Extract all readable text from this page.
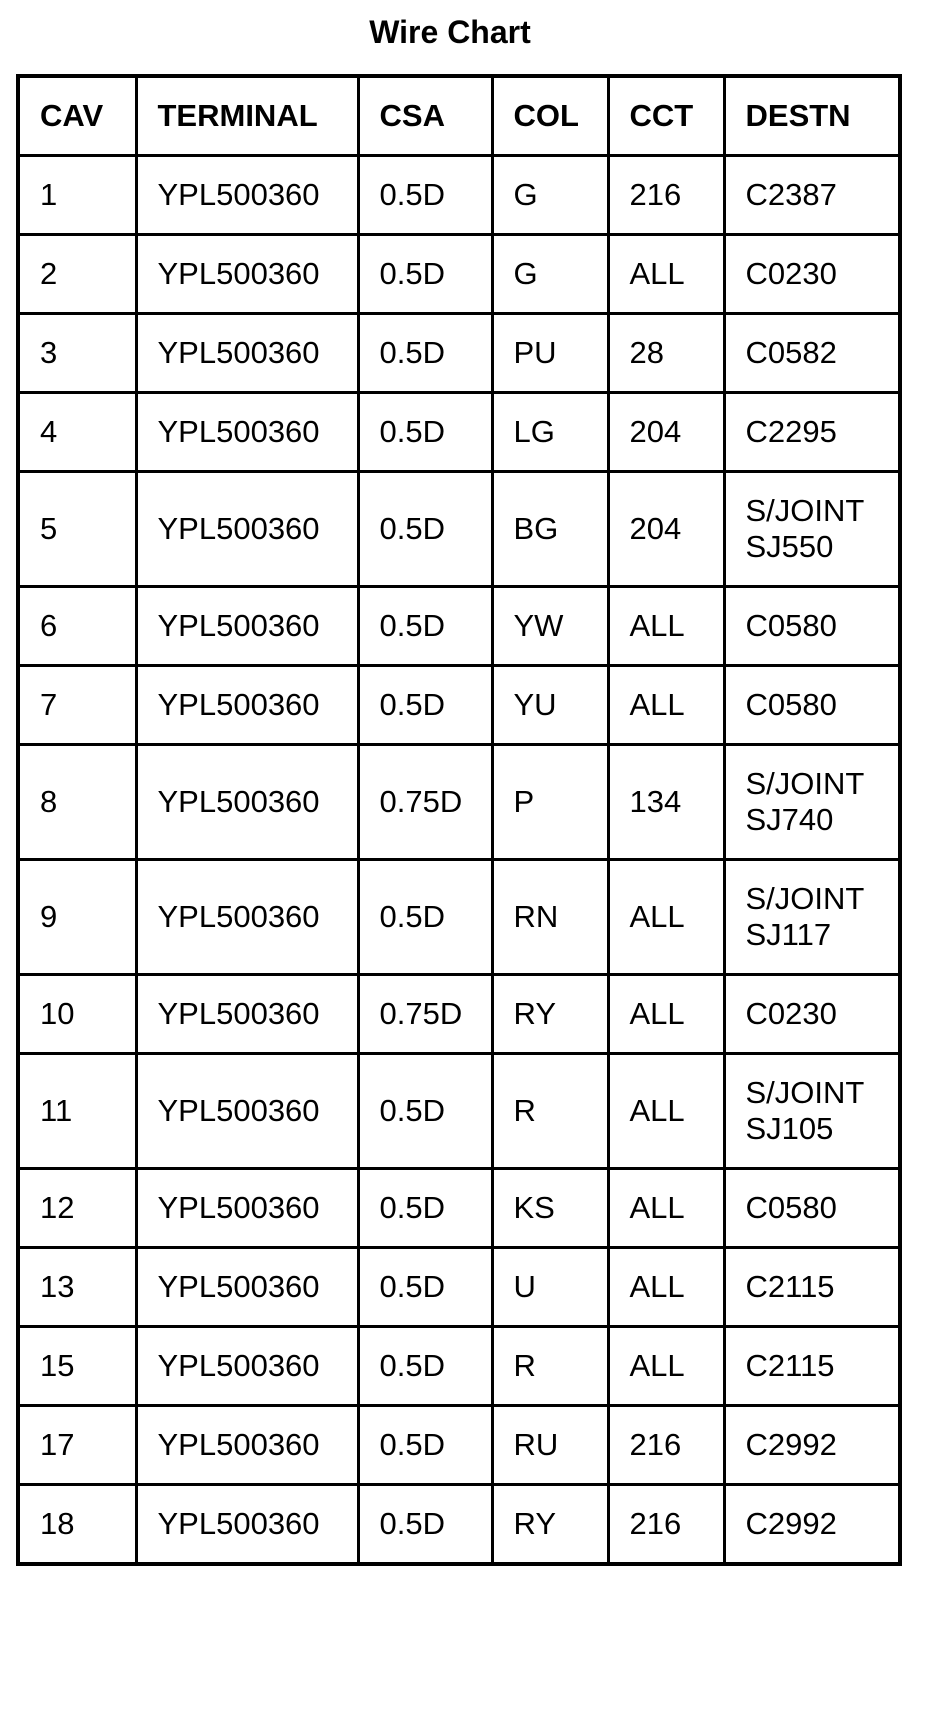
Wire Chart
CAV	TERMINAL	CSA	COL	CCT	DESTN
1	YPL500360	0.5D	G	216	C2387
2	YPL500360	0.5D	G	ALL	C0230
3	YPL500360	0.5D	PU	28	C0582
4	YPL500360	0.5D	LG	204	C2295
5	YPL500360	0.5D	BG	204	S/JOINT
SJ550
6	YPL500360	0.5D	YW	ALL	C0580
7	YPL500360	0.5D	YU	ALL	C0580
8	YPL500360	0.75D	P	134	S/JOINT
SJ740
9	YPL500360	0.5D	RN	ALL	S/JOINT
SJ117
10	YPL500360	0.75D	RY	ALL	C0230
11	YPL500360	0.5D	R	ALL	S/JOINT
SJ105
12	YPL500360	0.5D	KS	ALL	C0580
13	YPL500360	0.5D	U	ALL	C2115
15	YPL500360	0.5D	R	ALL	C2115
17	YPL500360	0.5D	RU	216	C2992
18	YPL500360	0.5D	RY	216	C2992
